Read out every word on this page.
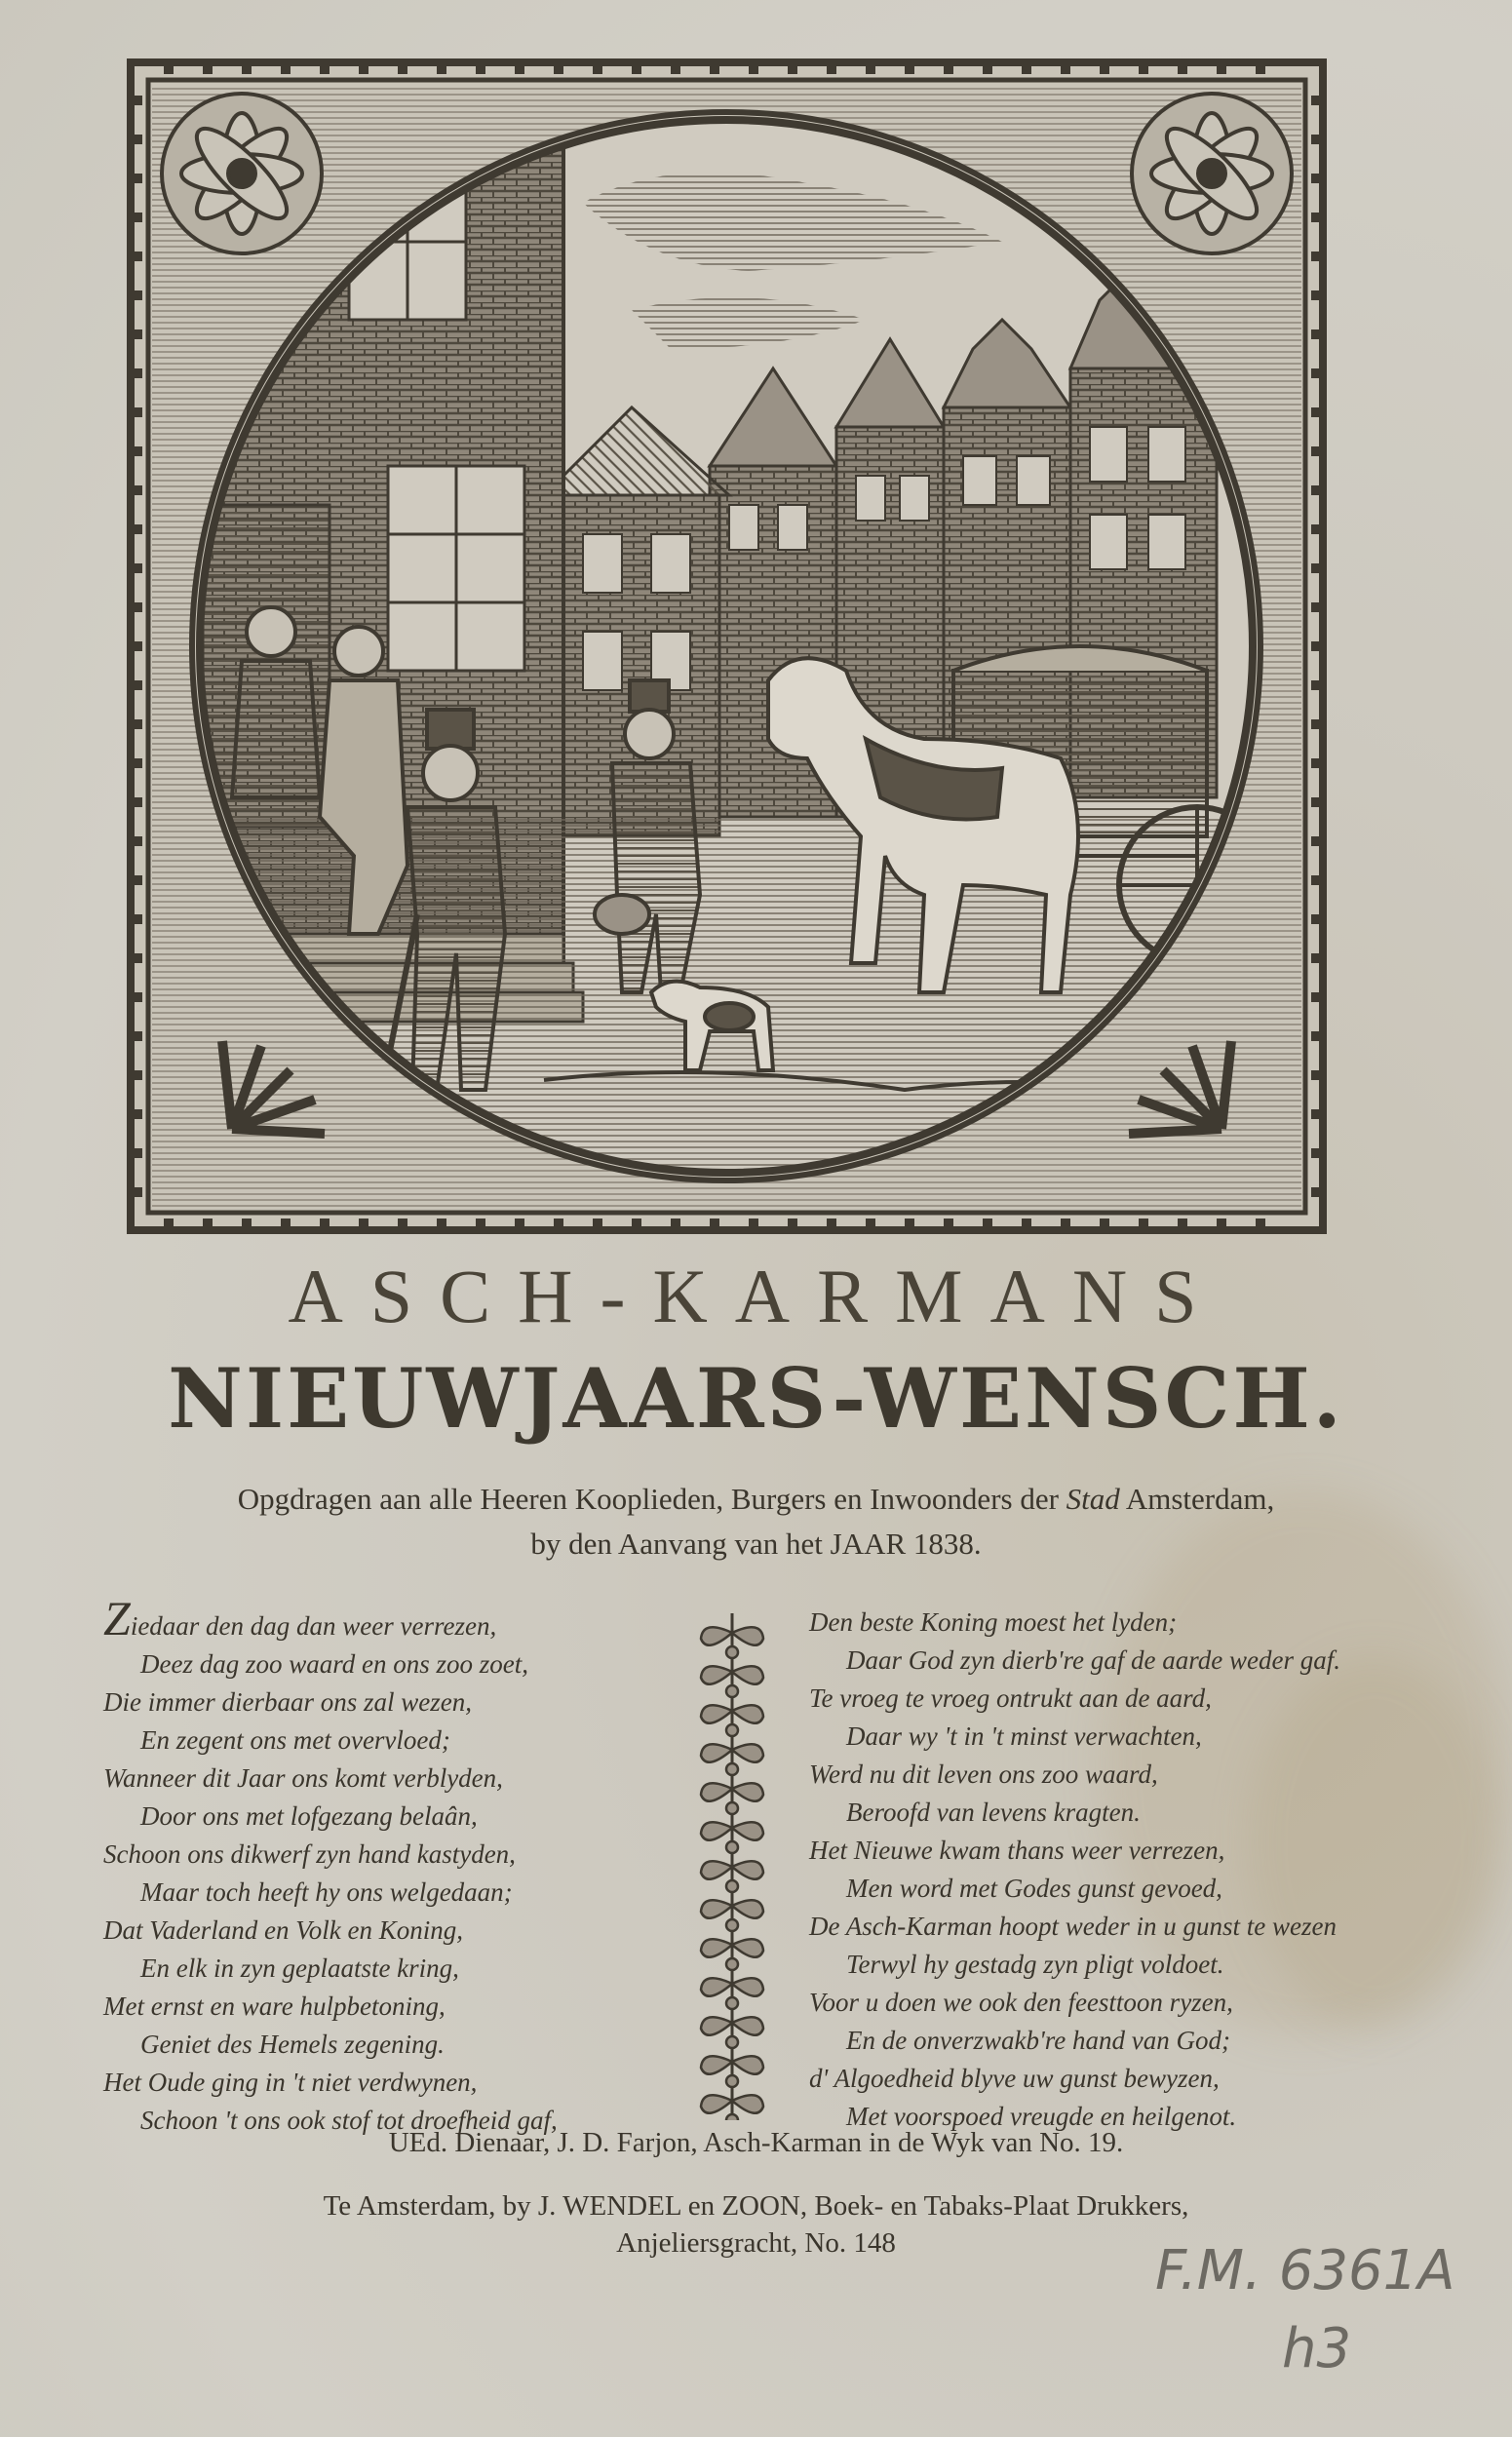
ASCH-KARMANS
NIEUWJAARS-WENSCH.
Opgdragen aan alle Heeren Kooplieden, Burgers en Inwoonders der Stad Amsterdam,
by den Aanvang van het JAAR 1838.
Ziedaar den dag dan weer verrezen,
Deez dag zoo waard en ons zoo zoet,
Die immer dierbaar ons zal wezen,
En zegent ons met overvloed;
Wanneer dit Jaar ons komt verblyden,
Door ons met lofgezang belaân,
Schoon ons dikwerf zyn hand kastyden,
Maar toch heeft hy ons welgedaan;
Dat Vaderland en Volk en Koning,
En elk in zyn geplaatste kring,
Met ernst en ware hulpbetoning,
Geniet des Hemels zegening.
Het Oude ging in 't niet verdwynen,
Schoon 't ons ook stof tot droefheid gaf,
Den beste Koning moest het lyden;
Daar God zyn dierb're gaf de aarde weder gaf.
Te vroeg te vroeg ontrukt aan de aard,
Daar wy 't in 't minst verwachten,
Werd nu dit leven ons zoo waard,
Beroofd van levens kragten.
Het Nieuwe kwam thans weer verrezen,
Men word met Godes gunst gevoed,
De Asch-Karman hoopt weder in u gunst te wezen
Terwyl hy gestadg zyn pligt voldoet.
Voor u doen we ook den feesttoon ryzen,
En de onverzwakb're hand van God;
d' Algoedheid blyve uw gunst bewyzen,
Met voorspoed vreugde en heilgenot.
UEd. Dienaar, J. D. Farjon, Asch-Karman in de Wyk van No. 19.
Te Amsterdam, by J. WENDEL en ZOON, Boek- en Tabaks-Plaat Drukkers,
Anjeliersgracht, No. 148	F.M. 6361A
h3
